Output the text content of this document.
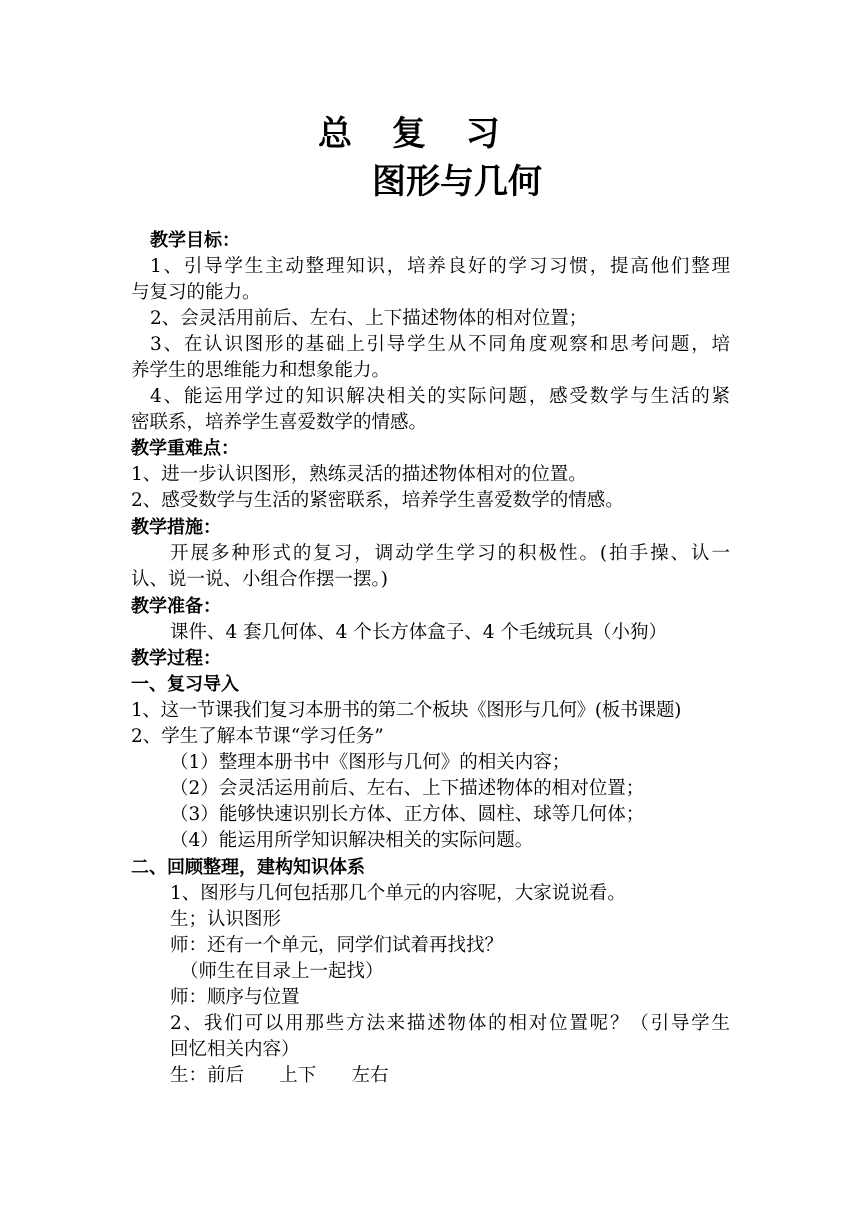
总 复 习
图形与几何
教学目标：
1、引导学生主动整理知识，培养良好的学习习惯，提高他们整理
与复习的能力。
2、会灵活用前后、左右、上下描述物体的相对位置；
3、在认识图形的基础上引导学生从不同角度观察和思考问题，培
养学生的思维能力和想象能力。
4、能运用学过的知识解决相关的实际问题，感受数学与生活的紧
密联系，培养学生喜爱数学的情感。
教学重难点：
1、进一步认识图形，熟练灵活的描述物体相对的位置。
2、感受数学与生活的紧密联系，培养学生喜爱数学的情感。
教学措施：
开展多种形式的复习，调动学生学习的积极性。(拍手操、认一
认、说一说、小组合作摆一摆。)
教学准备：
课件、4 套几何体、4 个长方体盒子、4 个毛绒玩具（小狗）
教学过程：
一、复习导入
1、这一节课我们复习本册书的第二个板块《图形与几何》(板书课题)
2、学生了解本节课“学习任务”
（1）整理本册书中《图形与几何》的相关内容；
（2）会灵活运用前后、左右、上下描述物体的相对位置；
（3）能够快速识别长方体、正方体、圆柱、球等几何体；
（4）能运用所学知识解决相关的实际问题。
二、回顾整理，建构知识体系
1、图形与几何包括那几个单元的内容呢，大家说说看。
生；认识图形
师：还有一个单元，同学们试着再找找？
（师生在目录上一起找）
师：顺序与位置
2、我们可以用那些方法来描述物体的相对位置呢？（引导学生
回忆相关内容）
生：前后      上下      左右
